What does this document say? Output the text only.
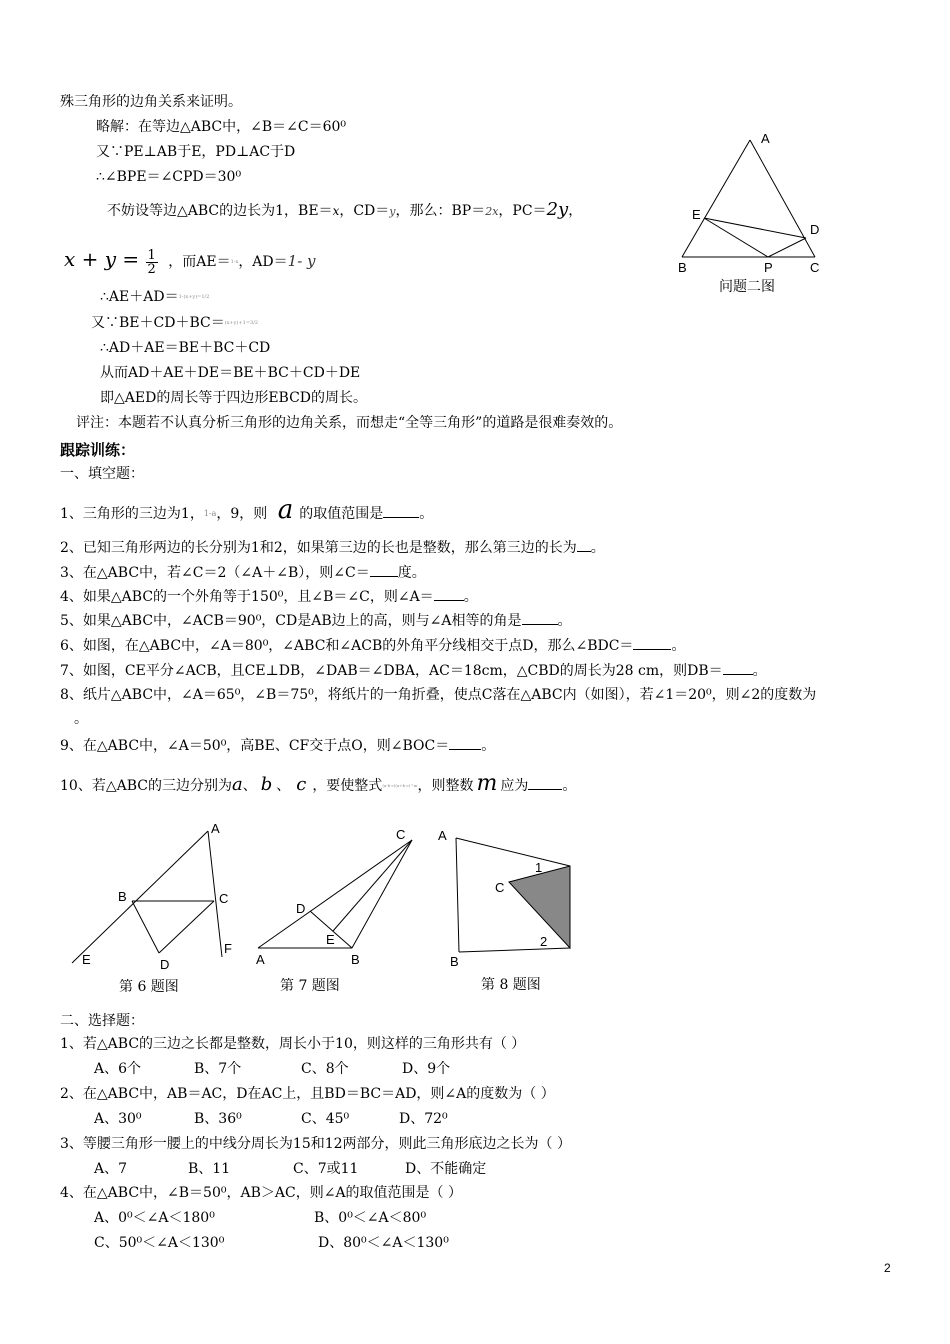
殊三角形的边角关系来证明。
略解：在等边△ABC中，∠B＝∠C＝60⁰
又∵PE⊥AB于E，PD⊥AC于D
∴∠BPE＝∠CPD＝30⁰
不妨设等边△ABC的边长为1，BE＝x，CD＝y，那么：BP＝2x，PC＝2y，
$x + y = \frac{1}{2}$ ，而AE＝1-x，AD＝1- y
∴AE＋AD＝1-(x+y)=1/2
又∵BE＋CD＋BC＝(x+y)+1=3/2
∴AD＋AE＝BE＋BC＋CD
从而AD＋AE＋DE＝BE＋BC＋CD＋DE
即△AED的周长等于四边形EBCD的周长。
评注：本题若不认真分析三角形的边角关系，而想走“全等三角形”的道路是很难奏效的。
A
E
D
B	P	C
问题二图
跟踪训练：
一、填空题：
1、三角形的三边为1，1-a，9，则 a 的取值范围是	。
2、已知三角形两边的长分别为1和2，如果第三边的长也是整数，那么第三边的长为 。
3、在△ABC中，若∠C＝2（∠A＋∠B），则∠C＝ 度。
4、如果△ABC的一个外角等于150⁰，且∠B＝∠C，则∠A＝ 。
5、如果△ABC中，∠ACB＝90⁰，CD是AB边上的高，则与∠A相等的角是	。
6、如图，在△ABC中，∠A＝80⁰，∠ABC和∠ACB的外角平分线相交于点D，那么∠BDC＝	。
7、如图，CE平分∠ACB，且CE⊥DB，∠DAB＝∠DBA，AC＝18cm，△CBD的周长为28 cm，则DB＝ 。
8、纸片△ABC中，∠A＝65⁰，∠B＝75⁰，将纸片的一角折叠，使点C落在△ABC内（如图），若∠1＝20⁰，则∠2的度数为
。
9、在△ABC中，∠A＝50⁰，高BE、CF交于点O，则∠BOC＝ 。
10、若△ABC的三边分别为a、 b 、 c ，要使整式(a-b-c)(a+b-c)^m，则整数 m 应为 。
A
B	C
D
E
F
第 6 题图
C
D
E
A	B
第 7 题图
A
C
1
2
B
第 8 题图
二、选择题：
1、若△ABC的三边之长都是整数，周长小于10，则这样的三角形共有（ ）
A、6个	B、7个	C、8个	D、9个
2、在△ABC中，AB＝AC，D在AC上，且BD＝BC＝AD，则∠A的度数为（ ）
A、30⁰	B、36⁰	C、45⁰	D、72⁰
3、等腰三角形一腰上的中线分周长为15和12两部分，则此三角形底边之长为（ ）
A、7	B、11	C、7或11	D、不能确定
4、在△ABC中，∠B＝50⁰，AB＞AC，则∠A的取值范围是（ ）
A、0⁰＜∠A＜180⁰	B、0⁰＜∠A＜80⁰
C、50⁰＜∠A＜130⁰	D、80⁰＜∠A＜130⁰
2
